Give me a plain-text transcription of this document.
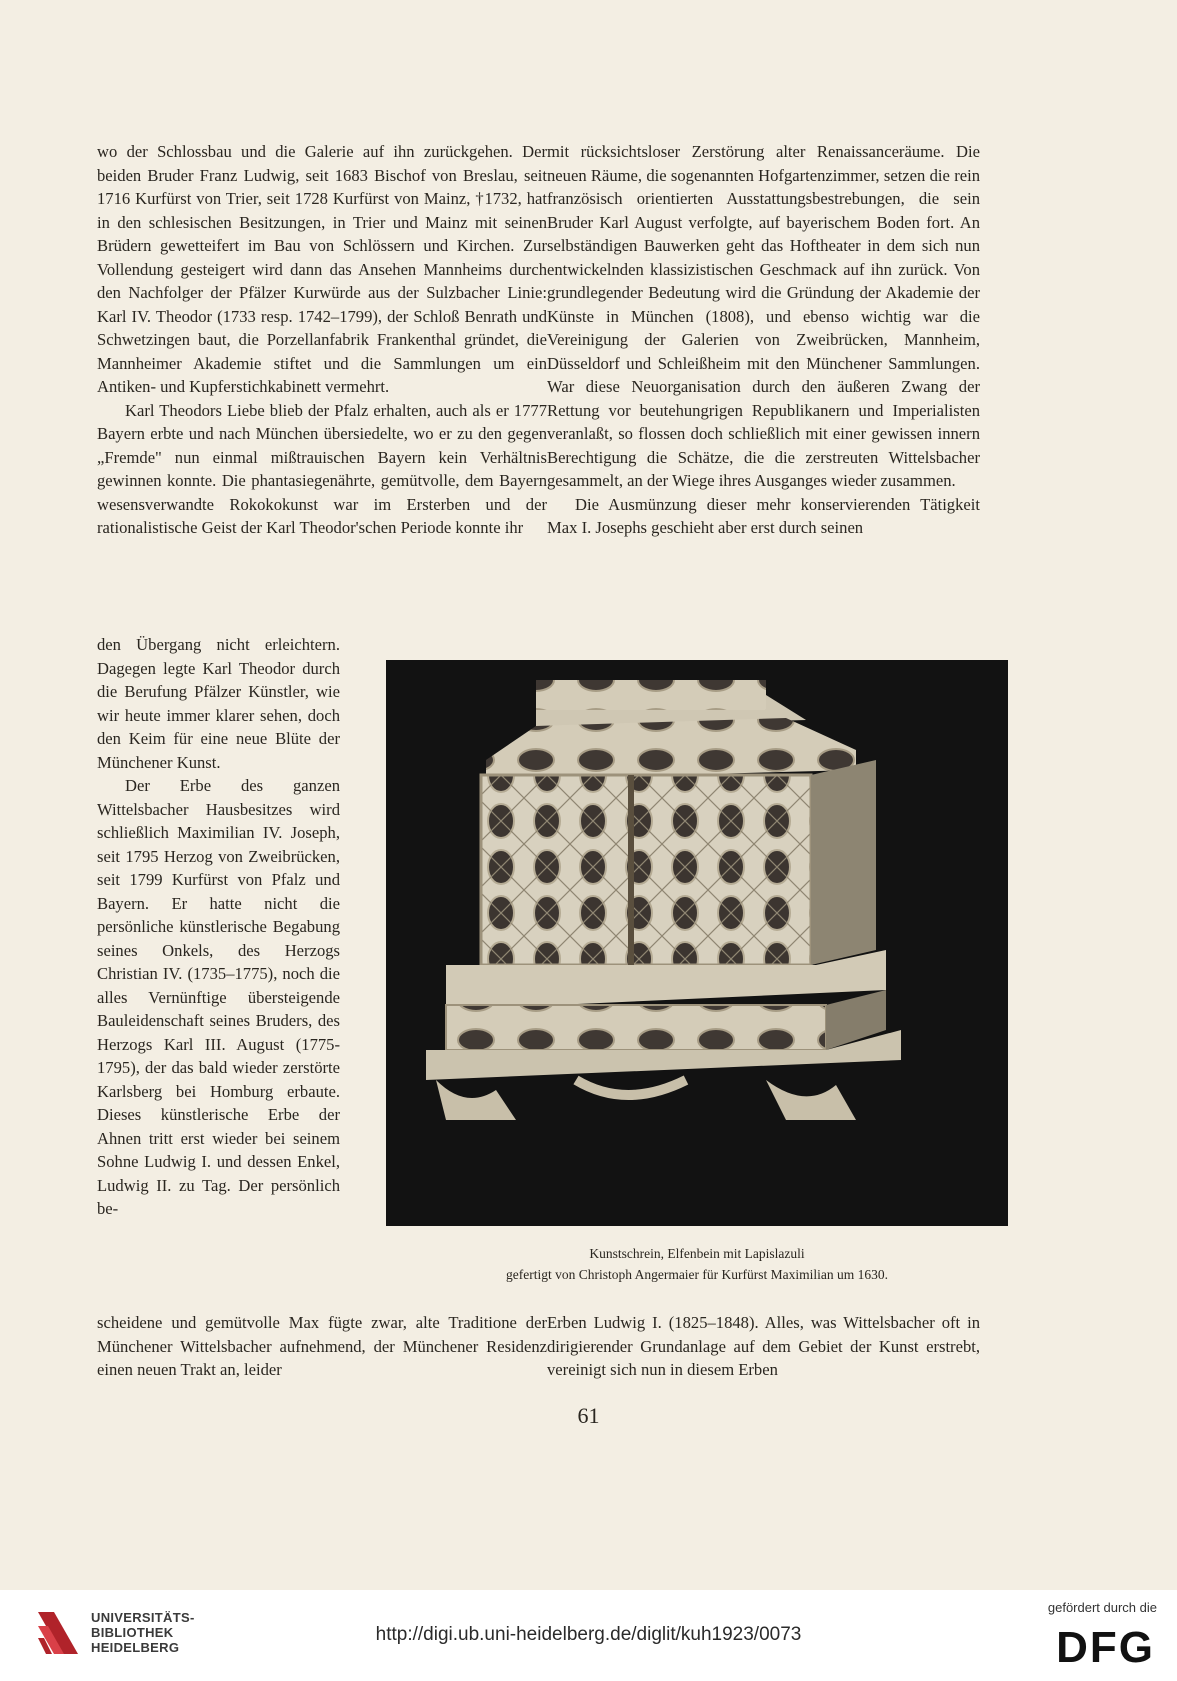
wo der Schlossbau und die Galerie auf ihn zurückgehen. Der beiden Bruder Franz Ludwig, seit 1683 Bischof von Breslau, seit 1716 Kurfürst von Trier, seit 1728 Kurfürst von Mainz, †1732, hat in den schlesischen Besitzungen, in Trier und Mainz mit seinen Brüdern gewetteifert im Bau von Schlössern und Kirchen. Zur Vollendung gesteigert wird dann das Ansehen Mannheims durch den Nachfolger der Pfälzer Kurwürde aus der Sulzbacher Linie: Karl IV. Theodor (1733 resp. 1742–1799), der Schloß Benrath und Schwetzingen baut, die Porzellanfabrik Frankenthal gründet, die Mannheimer Akademie stiftet und die Sammlungen um ein Antiken- und Kupferstichkabinett vermehrt.

Karl Theodors Liebe blieb der Pfalz erhalten, auch als er 1777 Bayern erbte und nach München übersiedelte, wo er zu den gegen „Fremde" nun einmal mißtrauischen Bayern kein Verhältnis gewinnen konnte. Die phantasiegenährte, gemütvolle, dem Bayern wesensverwandte Rokokokunst war im Ersterben und der rationalistische Geist der Karl Theodor'schen Periode konnte ihr

mit rücksichtsloser Zerstörung alter Renaissanceräume. Die neuen Räume, die sogenannten Hofgartenzimmer, setzen die rein französisch orientierten Ausstattungsbestrebungen, die sein Bruder Karl August verfolgte, auf bayerischem Boden fort. An selbständigen Bauwerken geht das Hoftheater in dem sich nun entwickelnden klassizistischen Geschmack auf ihn zurück. Von grundlegender Bedeutung wird die Gründung der Akademie der Künste in München (1808), und ebenso wichtig war die Vereinigung der Galerien von Zweibrücken, Mannheim, Düsseldorf und Schleißheim mit den Münchener Sammlungen. War diese Neuorganisation durch den äußeren Zwang der Rettung vor beutehungrigen Republikanern und Imperialisten veranlaßt, so flossen doch schließlich mit einer gewissen innern Berechtigung die Schätze, die die zerstreuten Wittelsbacher gesammelt, an der Wiege ihres Ausganges wieder zusammen.

Die Ausmünzung dieser mehr konservierenden Tätigkeit Max I. Josephs geschieht aber erst durch seinen

den Übergang nicht erleichtern. Dagegen legte Karl Theodor durch die Berufung Pfälzer Künstler, wie wir heute immer klarer sehen, doch den Keim für eine neue Blüte der Münchener Kunst.

Der Erbe des ganzen Wittelsbacher Hausbesitzes wird schließlich Maximilian IV. Joseph, seit 1795 Herzog von Zweibrücken, seit 1799 Kurfürst von Pfalz und Bayern. Er hatte nicht die persönliche künstlerische Begabung seines Onkels, des Herzogs Christian IV. (1735–1775), noch die alles Vernünftige übersteigende Bauleidenschaft seines Bruders, des Herzogs Karl III. August (1775-1795), der das bald wieder zerstörte Karlsberg bei Homburg erbaute. Dieses künstlerische Erbe der Ahnen tritt erst wieder bei seinem Sohne Ludwig I. und dessen Enkel, Ludwig II. zu Tag. Der persönlich be-

Kunstschrein, Elfenbein mit Lapislazuli
gefertigt von Christoph Angermaier für Kurfürst Maximilian um 1630.

scheidene und gemütvolle Max fügte zwar, alte Traditione der Münchener Wittelsbacher aufnehmend, der Münchener Residenz einen neuen Trakt an, leider

Erben Ludwig I. (1825–1848). Alles, was Wittelsbacher oft in dirigierender Grundanlage auf dem Gebiet der Kunst erstrebt, vereinigt sich nun in diesem Erben

61
UNIVERSITÄTS-
BIBLIOTHEK
HEIDELBERG
http://digi.ub.uni-heidelberg.de/diglit/kuh1923/0073
gefördert durch die
DFG
